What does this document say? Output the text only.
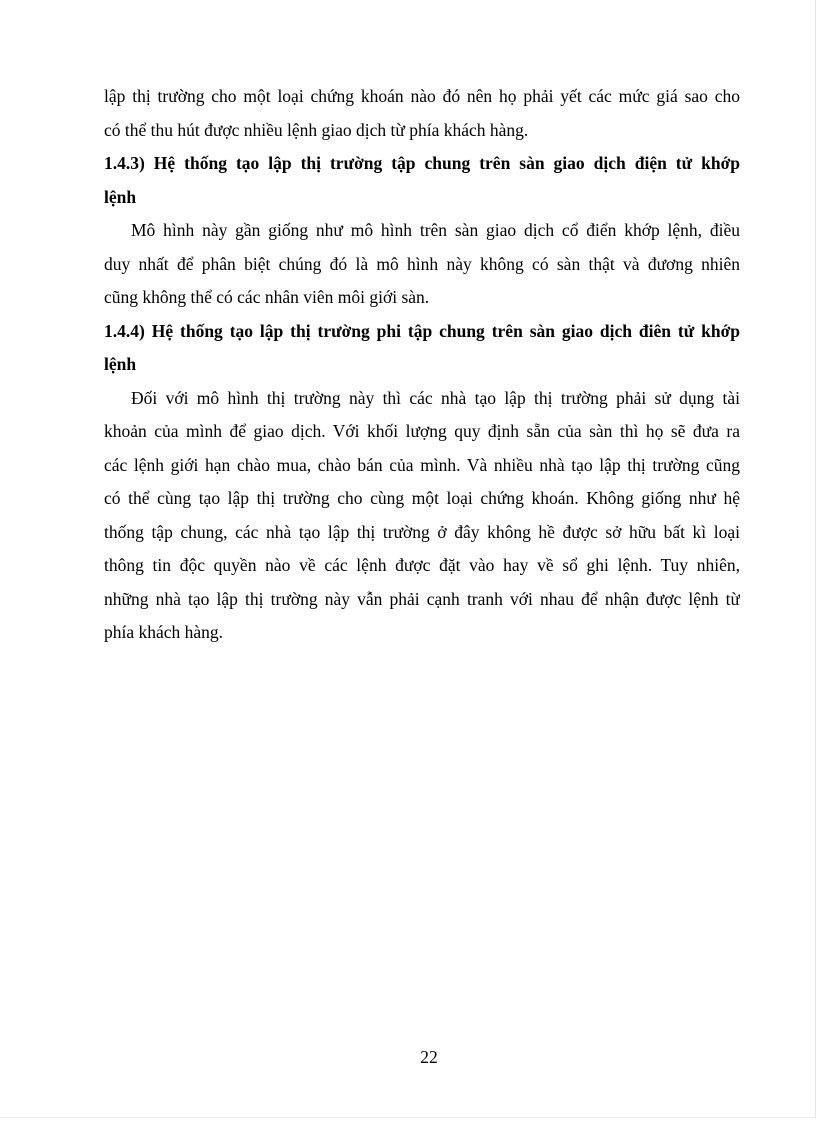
lập thị trường cho một loại chứng khoán nào đó nên họ phải yết các mức giá sao cho
có thể thu hút được nhiều lệnh giao dịch từ phía khách hàng.
1.4.3) Hệ thống tạo lập thị trường tập chung trên sàn giao dịch điện tử khớp
lệnh
Mô hình này gần giống như mô hình trên sàn giao dịch cổ điển khớp lệnh, điều
duy nhất để phân biệt chúng đó là mô hình này không có sàn thật và đương nhiên
cũng không thể có các nhân viên môi giới sàn.
1.4.4) Hệ thống tạo lập thị trường phi tập chung trên sàn giao dịch điên tử khớp
lệnh
Đối với mô hình thị trường này thì các nhà tạo lập thị trường phải sử dụng tài
khoản của mình để giao dịch. Với khối lượng quy định sẵn của sàn thì họ sẽ đưa ra
các lệnh giới hạn chào mua, chào bán của mình. Và nhiều nhà tạo lập thị trường cũng
có thể cùng tạo lập thị trường cho cùng một loại chứng khoán. Không giống như hệ
thống tập chung, các nhà tạo lập thị trường ở đây không hề được sở hữu bất kì loại
thông tin độc quyền nào về các lệnh được đặt vào hay về sổ ghi lệnh. Tuy nhiên,
những nhà tạo lập thị trường này vẫn phải cạnh tranh với nhau để nhận được lệnh từ
phía khách hàng.
22
